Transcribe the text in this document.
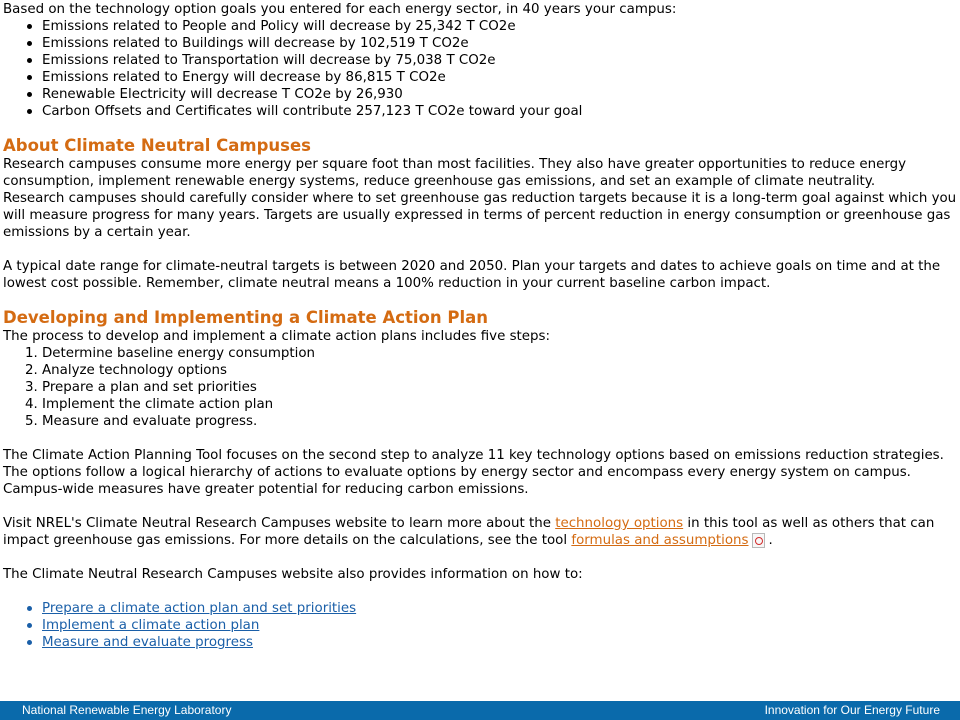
Based on the technology option goals you entered for each energy sector, in 40 years your campus:

Emissions related to People and Policy will decrease by 25,342 T CO2e
Emissions related to Buildings will decrease by 102,519 T CO2e
Emissions related to Transportation will decrease by 75,038 T CO2e
Emissions related to Energy will decrease by 86,815 T CO2e
Renewable Electricity will decrease T CO2e by 26,930
Carbon Offsets and Certificates will contribute 257,123 T CO2e toward your goal
About Climate Neutral Campuses

Research campuses consume more energy per square foot than most facilities. They also have greater opportunities to reduce energy consumption, implement renewable energy systems, reduce greenhouse gas emissions, and set an example of climate neutrality.

Research campuses should carefully consider where to set greenhouse gas reduction targets because it is a long-term goal against which you will measure progress for many years. Targets are usually expressed in terms of percent reduction in energy consumption or greenhouse gas emissions by a certain year.

A typical date range for climate-neutral targets is between 2020 and 2050. Plan your targets and dates to achieve goals on time and at the lowest cost possible. Remember, climate neutral means a 100% reduction in your current baseline carbon impact.

Developing and Implementing a Climate Action Plan

The process to develop and implement a climate action plans includes five steps:

1. Determine baseline energy consumption
2. Analyze technology options
3. Prepare a plan and set priorities
4. Implement the climate action plan
5. Measure and evaluate progress.

The Climate Action Planning Tool focuses on the second step to analyze 11 key technology options based on emissions reduction strategies. The options follow a logical hierarchy of actions to evaluate options by energy sector and encompass every energy system on campus. Campus-wide measures have greater potential for reducing carbon emissions.

Visit NREL's Climate Neutral Research Campuses website to learn more about the technology options in this tool as well as others that can impact greenhouse gas emissions. For more details on the calculations, see the tool formulas and assumptions .

The Climate Neutral Research Campuses website also provides information on how to:

Prepare a climate action plan and set priorities
Implement a climate action plan
Measure and evaluate progress
National Renewable Energy Laboratory	Innovation for Our Energy Future
